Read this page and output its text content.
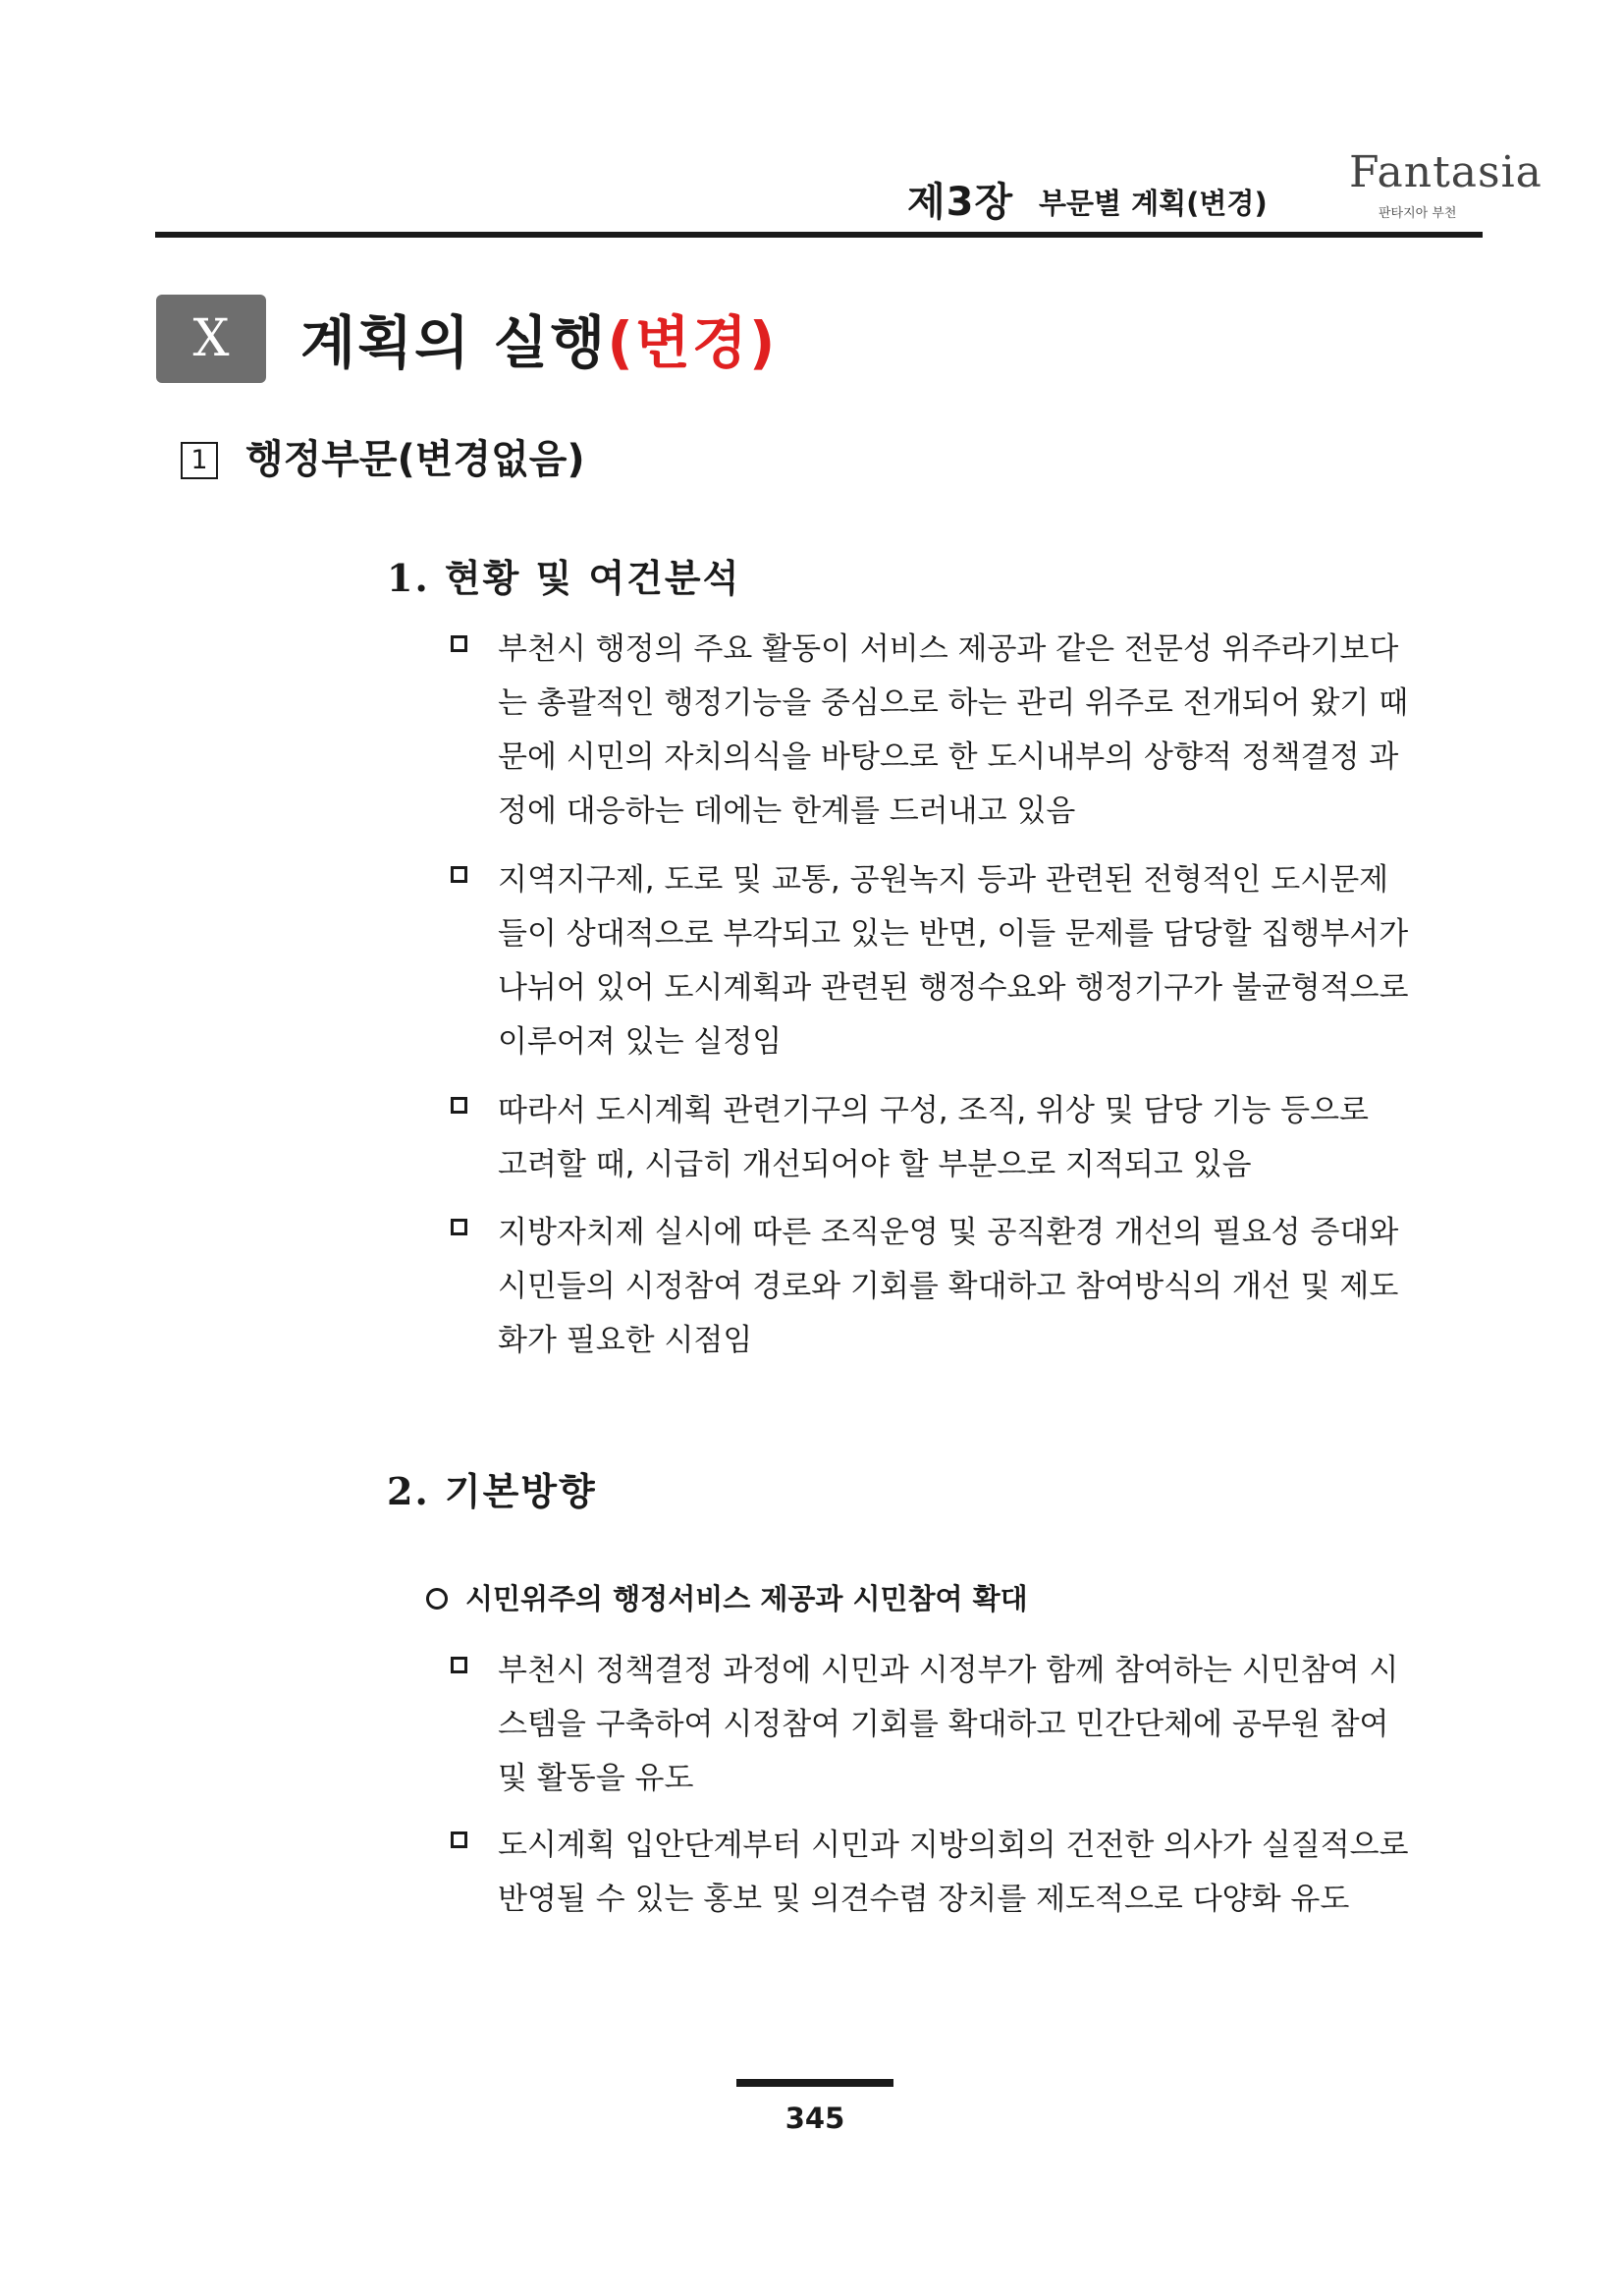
제3장 부문별 계획(변경)
Fantasia
판타지아 부천
X	계획의 실행(변경)
1 행정부문(변경없음)
1. 현황 및 여건분석
부천시 행정의 주요 활동이 서비스 제공과 같은 전문성 위주라기보다
는 총괄적인 행정기능을 중심으로 하는 관리 위주로 전개되어 왔기 때
문에 시민의 자치의식을 바탕으로 한 도시내부의 상향적 정책결정 과
정에 대응하는 데에는 한계를 드러내고 있음
지역지구제, 도로 및 교통, 공원녹지 등과 관련된 전형적인 도시문제
들이 상대적으로 부각되고 있는 반면, 이들 문제를 담당할 집행부서가
나뉘어 있어 도시계획과 관련된 행정수요와 행정기구가 불균형적으로
이루어져 있는 실정임
따라서 도시계획 관련기구의 구성, 조직, 위상 및 담당 기능 등으로
고려할 때, 시급히 개선되어야 할 부분으로 지적되고 있음
지방자치제 실시에 따른 조직운영 및 공직환경 개선의 필요성 증대와
시민들의 시정참여 경로와 기회를 확대하고 참여방식의 개선 및 제도
화가 필요한 시점임
2. 기본방향
시민위주의 행정서비스 제공과 시민참여 확대
부천시 정책결정 과정에 시민과 시정부가 함께 참여하는 시민참여 시
스템을 구축하여 시정참여 기회를 확대하고 민간단체에 공무원 참여
및 활동을 유도
도시계획 입안단계부터 시민과 지방의회의 건전한 의사가 실질적으로
반영될 수 있는 홍보 및 의견수렴 장치를 제도적으로 다양화 유도
345
